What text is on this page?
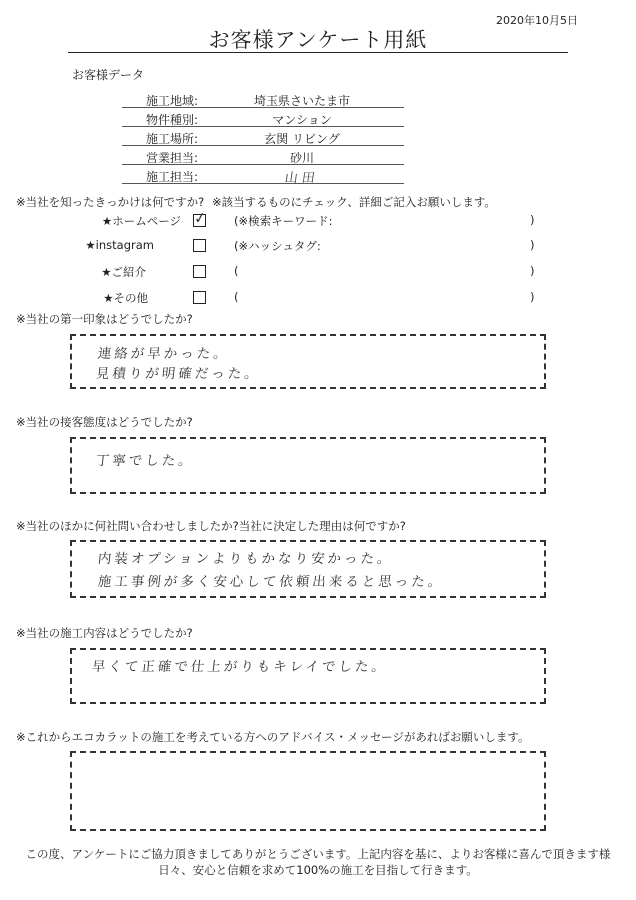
2020年10月5日
お客様アンケート用紙
お客様データ
施工地域:	埼玉県さいたま市
物件種別:	マンション
施工場所:	玄関 リビング
営業担当:	砂川
施工担当:	山田
※当社を知ったきっかけは何ですか? ※該当するものにチェック、詳細ご記入お願いします。
★ホームページ ✓ (※検索キーワード:	)
★instagram	(※ハッシュタグ:	)
★ご紹介	(	)
★その他	(	)
※当社の第一印象はどうでしたか?
連絡が早かった。
見積りが明確だった。
※当社の接客態度はどうでしたか?
丁寧でした。
※当社のほかに何社問い合わせしましたか?当社に決定した理由は何ですか?
内装オプションよりもかなり安かった。
施工事例が多く安心して依頼出来ると思った。
※当社の施工内容はどうでしたか?
早くて正確で仕上がりもキレイでした。
※これからエコカラットの施工を考えている方へのアドバイス・メッセージがあればお願いします。
この度、アンケートにご協力頂きましてありがとうございます。上記内容を基に、よりお客様に喜んで頂きます様
日々、安心と信頼を求めて100%の施工を目指して行きます。
